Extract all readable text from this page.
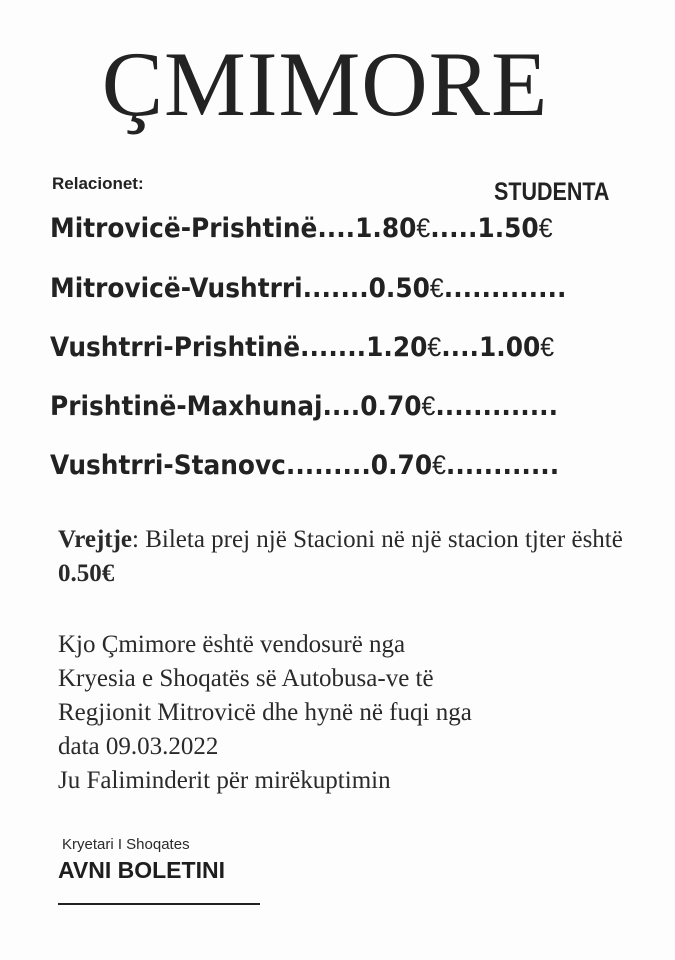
ÇMIMORE
Relacionet:	STUDENTA
Mitrovicë-Prishtinë....1.80€.....1.50€
Mitrovicë-Vushtrri.......0.50€.............
Vushtrri-Prishtinë.......1.20€....1.00€
Prishtinë-Maxhunaj....0.70€.............
Vushtrri-Stanovc.........0.70€............
Vrejtje: Bileta prej një Stacioni në një stacion tjter është 0.50€
Kjo Çmimore është vendosurë nga
Kryesia e Shoqatës së Autobusa-ve të
Regjionit Mitrovicë dhe hynë në fuqi nga
data 09.03.2022
Ju Faliminderit për mirëkuptimin
Kryetari I Shoqates
AVNI BOLETINI
